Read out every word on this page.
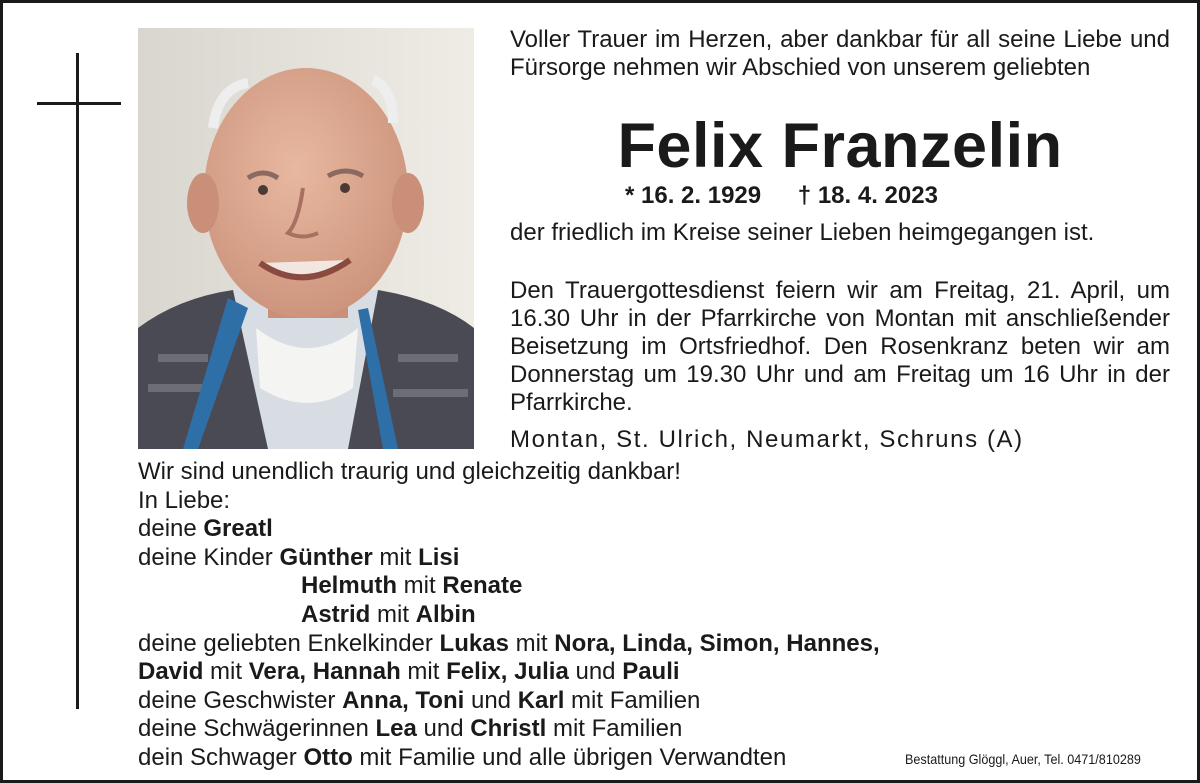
Voller Trauer im Herzen, aber dankbar für all seine Liebe und Fürsorge nehmen wir Abschied von unserem geliebten

Felix Franzelin
* 16. 2. 1929 † 18. 4. 2023

der friedlich im Kreise seiner Lieben heimgegangen ist.

Den Trauergottesdienst feiern wir am Freitag, 21. April, um 16.30 Uhr in der Pfarrkirche von Montan mit anschließender Beisetzung im Ortsfriedhof. Den Rosenkranz beten wir am Donnerstag um 19.30 Uhr und am Freitag um 16 Uhr in der Pfarrkirche.

Montan, St. Ulrich, Neumarkt, Schruns (A)
Wir sind unendlich traurig und gleichzeitig dankbar!
In Liebe:
deine Greatl
deine Kinder Günther mit Lisi
Helmuth mit Renate
Astrid mit Albin
deine geliebten Enkelkinder Lukas mit Nora, Linda, Simon, Hannes,
David mit Vera, Hannah mit Felix, Julia und Pauli
deine Geschwister Anna, Toni und Karl mit Familien
deine Schwägerinnen Lea und Christl mit Familien
dein Schwager Otto mit Familie und alle übrigen Verwandten	Bestattung Glöggl, Auer, Tel. 0471/810289
